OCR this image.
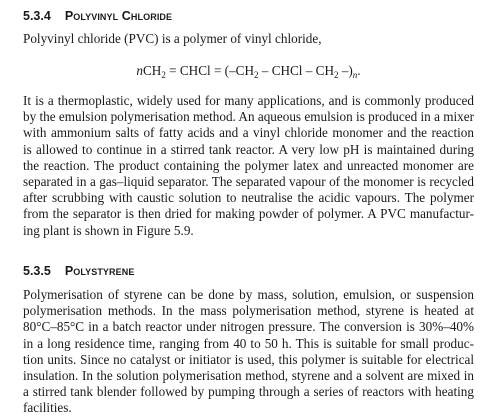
5.3.4 Polyvinyl Chloride

Polyvinyl chloride (PVC) is a polymer of vinyl chloride,

nCH$_2$ = CHCl = ($-CH_2$ – CHCl – $CH_2$ $-)_n$.

It is a thermoplastic, widely used for many applications, and is commonly produced
by the emulsion polymerisation method. An aqueous emulsion is produced in a mixer
with ammonium salts of fatty acids and a vinyl chloride monomer and the reaction
is allowed to continue in a stirred tank reactor. A very low pH is maintained during
the reaction. The product containing the polymer latex and unreacted monomer are
separated in a gas–liquid separator. The separated vapour of the monomer is recycled
after scrubbing with caustic solution to neutralise the acidic vapours. The polymer
from the separator is then dried for making powder of polymer. A PVC manufactur-
ing plant is shown in Figure 5.9.

5.3.5 Polystyrene

Polymerisation of styrene can be done by mass, solution, emulsion, or suspension
polymerisation methods. In the mass polymerisation method, styrene is heated at
80°C–85°C in a batch reactor under nitrogen pressure. The conversion is 30%–40%
in a long residence time, ranging from 40 to 50 h. This is suitable for small produc-
tion units. Since no catalyst or initiator is used, this polymer is suitable for electrical
insulation. In the solution polymerisation method, styrene and a solvent are mixed in
a stirred tank blender followed by pumping through a series of reactors with heating
facilities.
